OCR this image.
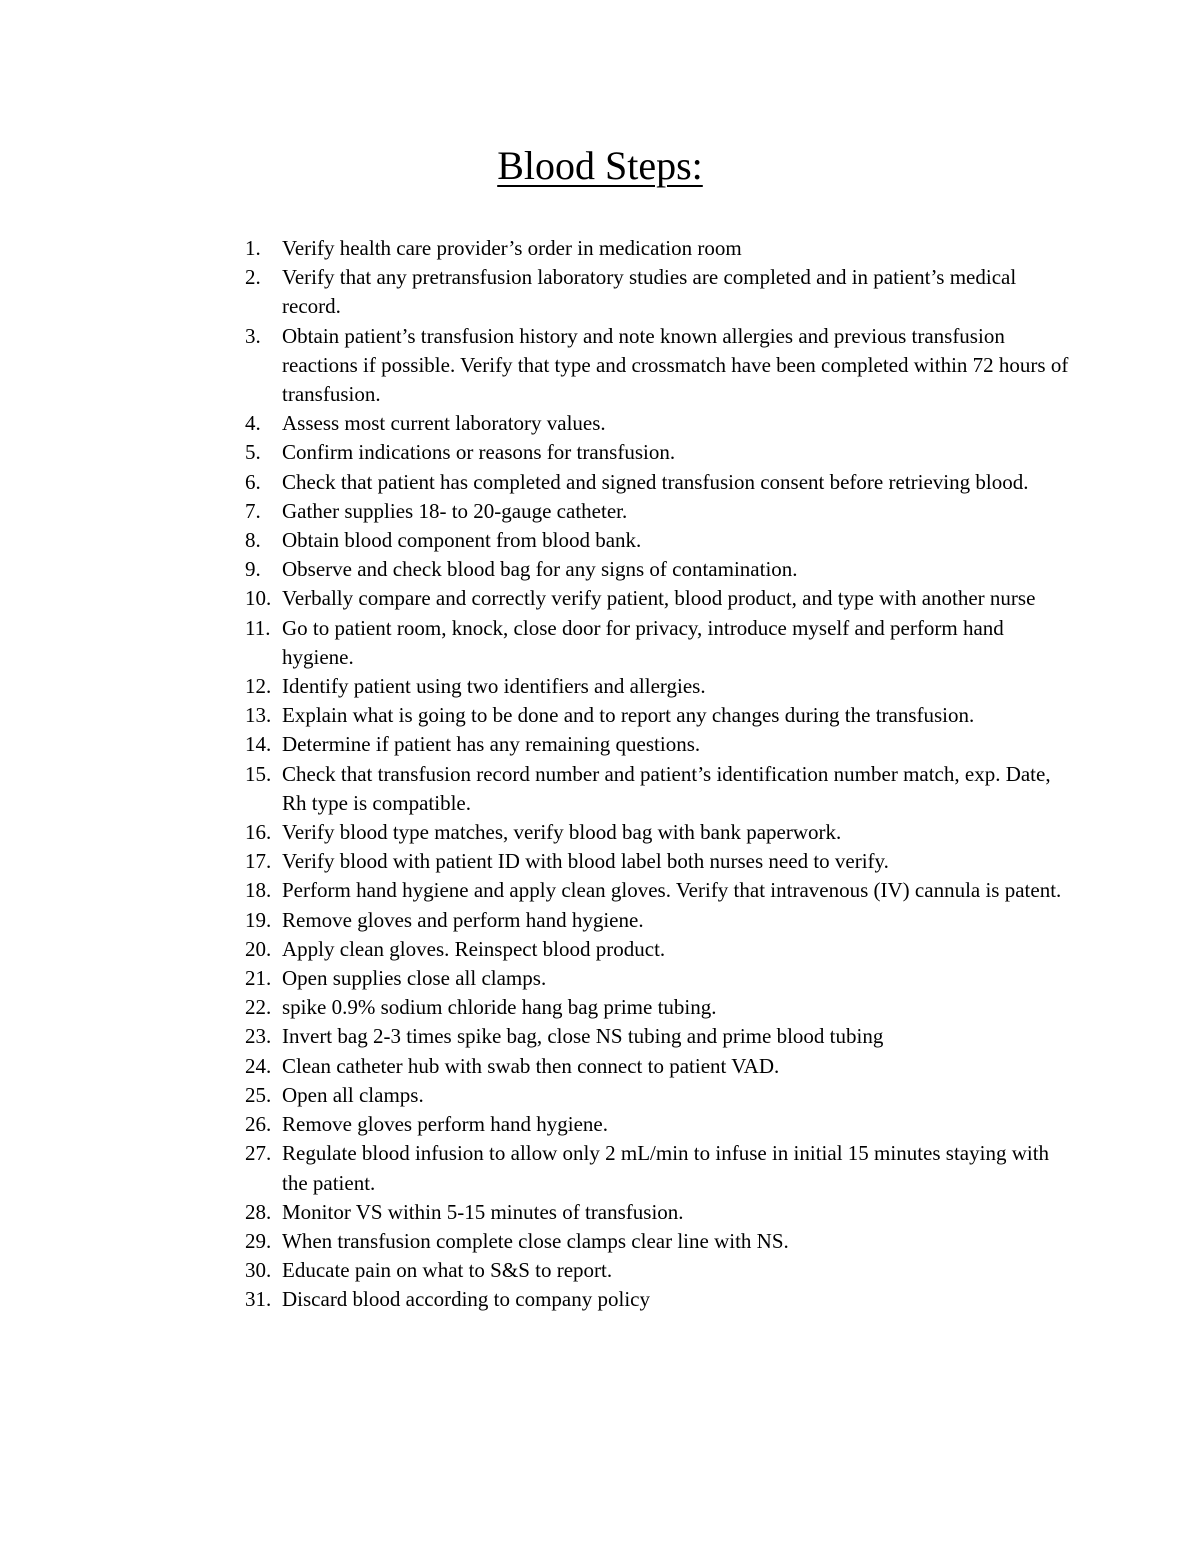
Blood Steps:
1.	Verify health care provider’s order in medication room
2.	Verify that any pretransfusion laboratory studies are completed and in patient’s medical record.
3.	Obtain patient’s transfusion history and note known allergies and previous transfusion reactions if possible. Verify that type and crossmatch have been completed within 72 hours of transfusion.
4.	Assess most current laboratory values.
5.	Confirm indications or reasons for transfusion.
6.	Check that patient has completed and signed transfusion consent before retrieving blood.
7.	Gather supplies 18- to 20-gauge catheter.
8.	Obtain blood component from blood bank.
9.	Observe and check blood bag for any signs of contamination.
10. Verbally compare and correctly verify patient, blood product, and type with another nurse
11. Go to patient room, knock, close door for privacy, introduce myself and perform hand hygiene.
12. Identify patient using two identifiers and allergies.
13. Explain what is going to be done and to report any changes during the transfusion.
14. Determine if patient has any remaining questions.
15. Check that transfusion record number and patient’s identification number match, exp. Date, Rh type is compatible.
16. Verify blood type matches, verify blood bag with bank paperwork.
17. Verify blood with patient ID with blood label both nurses need to verify.
18. Perform hand hygiene and apply clean gloves. Verify that intravenous (IV) cannula is patent.
19. Remove gloves and perform hand hygiene.
20. Apply clean gloves. Reinspect blood product.
21. Open supplies close all clamps.
22. spike 0.9% sodium chloride hang bag prime tubing.
23. Invert bag 2-3 times spike bag, close NS tubing and prime blood tubing
24. Clean catheter hub with swab then connect to patient VAD.
25. Open all clamps.
26. Remove gloves perform hand hygiene.
27. Regulate blood infusion to allow only 2 mL/min to infuse in initial 15 minutes staying with the patient.
28. Monitor VS within 5-15 minutes of transfusion.
29. When transfusion complete close clamps clear line with NS.
30. Educate pain on what to S&S to report.
31. Discard blood according to company policy
